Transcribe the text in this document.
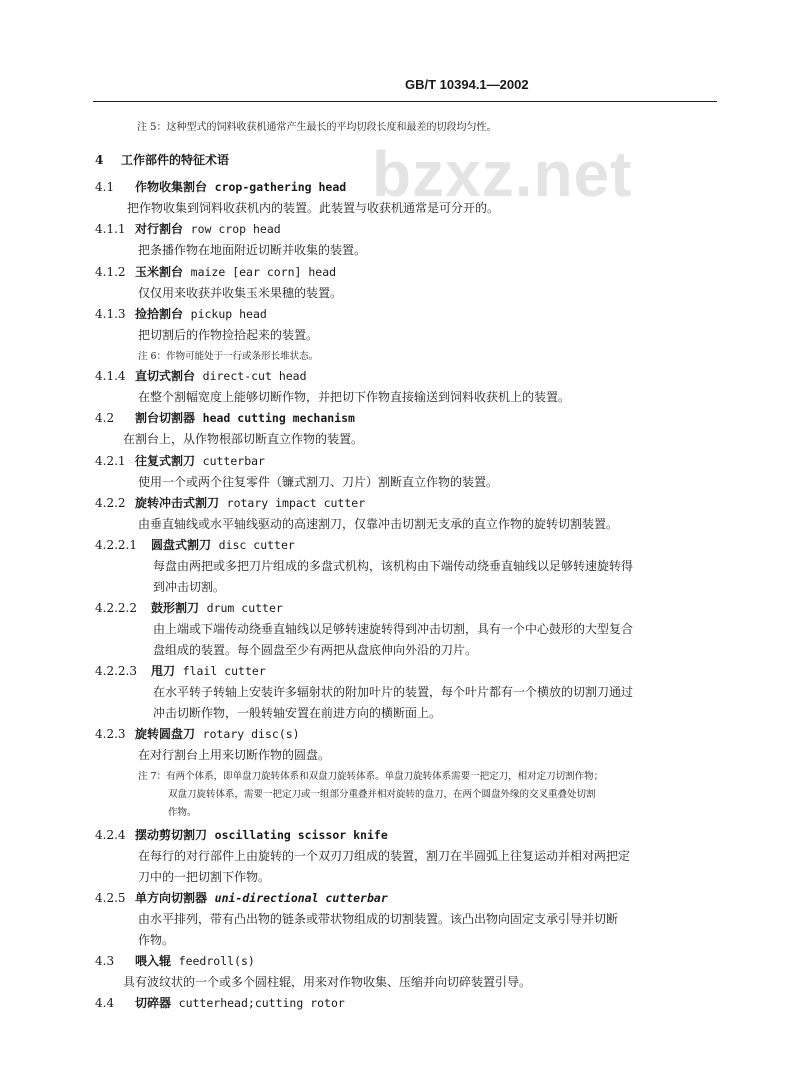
GB/T 10394.1—2002
bzxz.net
注 5：这种型式的饲料收获机通常产生最长的平均切段长度和最差的切段均匀性。
4 工作部件的特征术语
4.1 作物收集割台 crop-gathering head
把作物收集到饲料收获机内的装置。此装置与收获机通常是可分开的。
4.1.1 对行割台 row crop head
把条播作物在地面附近切断并收集的装置。
4.1.2 玉米割台 maize [ear corn] head
仅仅用来收获并收集玉米果穗的装置。
4.1.3 捡拾割台 pickup head
把切割后的作物捡拾起来的装置。
注 6：作物可能处于一行或条形长堆状态。
4.1.4 直切式割台 direct-cut head
在整个割幅宽度上能够切断作物，并把切下作物直接输送到饲料收获机上的装置。
4.2 割台切割器 head cutting mechanism
在割台上，从作物根部切断直立作物的装置。
4.2.1 往复式割刀 cutterbar
使用一个或两个往复零件（镰式割刀、刀片）割断直立作物的装置。
4.2.2 旋转冲击式割刀 rotary impact cutter
由垂直轴线或水平轴线驱动的高速割刀，仅靠冲击切割无支承的直立作物的旋转切割装置。
4.2.2.1 圆盘式割刀 disc cutter
每盘由两把或多把刀片组成的多盘式机构，该机构由下端传动绕垂直轴线以足够转速旋转得
到冲击切割。
4.2.2.2 鼓形割刀 drum cutter
由上端或下端传动绕垂直轴线以足够转速旋转得到冲击切割，具有一个中心鼓形的大型复合
盘组成的装置。每个圆盘至少有两把从盘底伸向外沿的刀片。
4.2.2.3 甩刀 flail cutter
在水平转子转轴上安装许多辐射状的附加叶片的装置，每个叶片都有一个横放的切割刀通过
冲击切断作物，一般转轴安置在前进方向的横断面上。
4.2.3 旋转圆盘刀 rotary disc(s)
在对行割台上用来切断作物的圆盘。
注 7：有两个体系，即单盘刀旋转体系和双盘刀旋转体系。单盘刀旋转体系需要一把定刀，相对定刀切割作物；
双盘刀旋转体系，需要一把定刀或一组部分重叠并相对旋转的盘刀，在两个圆盘外缘的交叉重叠处切割
作物。
4.2.4 摆动剪切割刀 oscillating scissor knife
在每行的对行部件上由旋转的一个双刃刀组成的装置，割刀在半圆弧上往复运动并相对两把定
刀中的一把切割下作物。
4.2.5 单方向切割器 uni-directional cutterbar
由水平排列，带有凸出物的链条或带状物组成的切割装置。该凸出物向固定支承引导并切断
作物。
4.3 喂入辊 feedroll(s)
具有波纹状的一个或多个圆柱辊，用来对作物收集、压缩并向切碎装置引导。
4.4 切碎器 cutterhead;cutting rotor
